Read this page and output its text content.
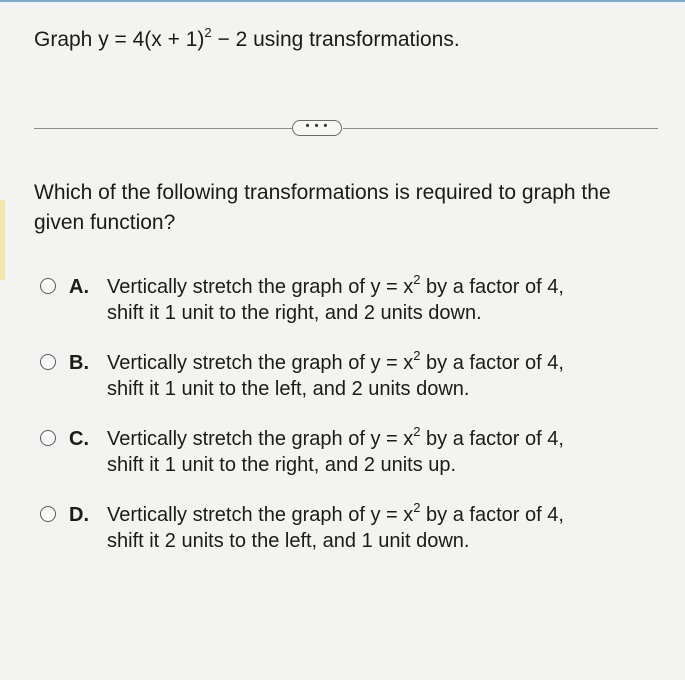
Graph $y = 4(x + 1)^2 - 2$ using transformations.
• • •
Which of the following transformations is required to graph the given function?
A. Vertically stretch the graph of $y = x^2$ by a factor of 4,
shift it 1 unit to the right, and 2 units down.
B. Vertically stretch the graph of $y = x^2$ by a factor of 4,
shift it 1 unit to the left, and 2 units down.
C. Vertically stretch the graph of $y = x^2$ by a factor of 4,
shift it 1 unit to the right, and 2 units up.
D. Vertically stretch the graph of $y = x^2$ by a factor of 4,
shift it 2 units to the left, and 1 unit down.
